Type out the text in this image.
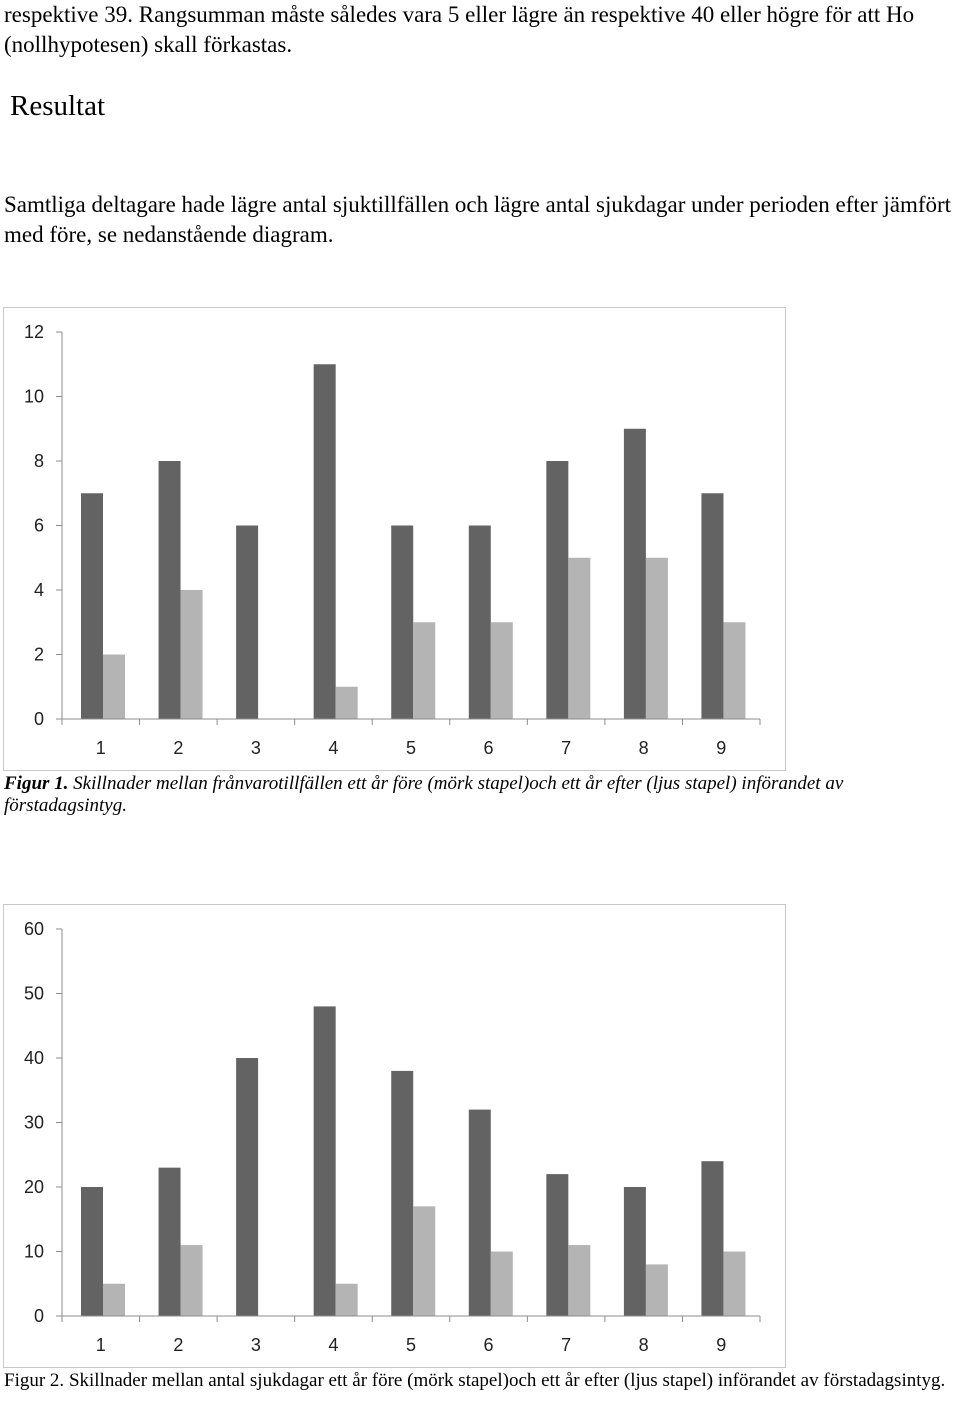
respektive 39. Rangsumman måste således vara 5 eller lägre än respektive 40 eller högre för att Ho (nollhypotesen) skall förkastas.

Resultat

Samtliga deltagare hade lägre antal sjuktillfällen och lägre antal sjukdagar under perioden efter jämfört med före, se nedanstående diagram.

0
2
4
6
8
10
12
1	2	3	4	5	6	7	8	9

Figur 1. Skillnader mellan frånvarotillfällen ett år före (mörk stapel)och ett år efter (ljus stapel) införandet av förstadagsintyg.

0
10
20
30
40
50
60
1	2	3	4	5	6	7	8	9

Figur 2. Skillnader mellan antal sjukdagar ett år före (mörk stapel)och ett år efter (ljus stapel) införandet av förstadagsintyg.
